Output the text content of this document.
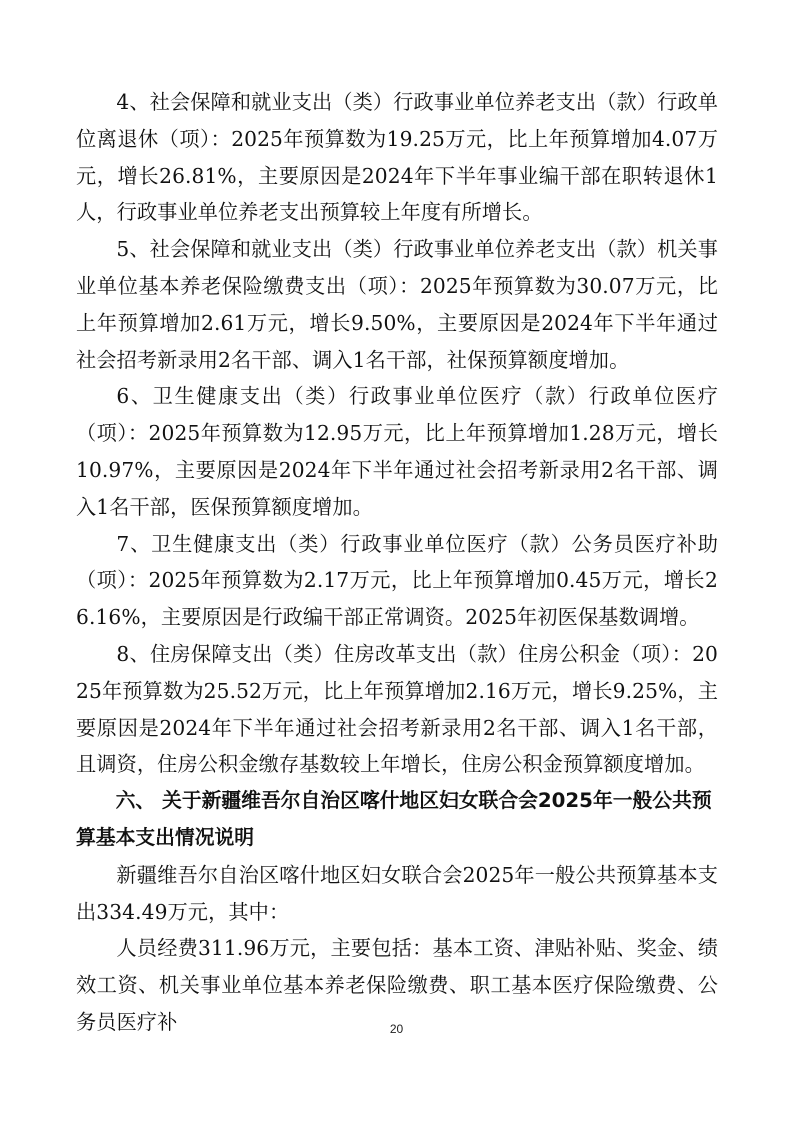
4、社会保障和就业支出（类）行政事业单位养老支出（款）行政单位离退休（项）：2025年预算数为19.25万元，比上年预算增加4.07万元，增长26.81%，主要原因是2024年下半年事业编干部在职转退休1人，行政事业单位养老支出预算较上年度有所增长。

5、社会保障和就业支出（类）行政事业单位养老支出（款）机关事业单位基本养老保险缴费支出（项）：2025年预算数为30.07万元，比上年预算增加2.61万元，增长9.50%，主要原因是2024年下半年通过社会招考新录用2名干部、调入1名干部，社保预算额度增加。

6、卫生健康支出（类）行政事业单位医疗（款）行政单位医疗（项）：2025年预算数为12.95万元，比上年预算增加1.28万元，增长10.97%，主要原因是2024年下半年通过社会招考新录用2名干部、调入1名干部，医保预算额度增加。

7、卫生健康支出（类）行政事业单位医疗（款）公务员医疗补助（项）：2025年预算数为2.17万元，比上年预算增加0.45万元，增长26.16%，主要原因是行政编干部正常调资。2025年初医保基数调增。

8、住房保障支出（类）住房改革支出（款）住房公积金（项）：2025年预算数为25.52万元，比上年预算增加2.16万元，增长9.25%，主要原因是2024年下半年通过社会招考新录用2名干部、调入1名干部，且调资，住房公积金缴存基数较上年增长，住房公积金预算额度增加。

六、 关于新疆维吾尔自治区喀什地区妇女联合会2025年一般公共预算基本支出情况说明

新疆维吾尔自治区喀什地区妇女联合会2025年一般公共预算基本支出334.49万元，其中：

人员经费311.96万元，主要包括：基本工资、津贴补贴、奖金、绩效工资、机关事业单位基本养老保险缴费、职工基本医疗保险缴费、公务员医疗补	20
